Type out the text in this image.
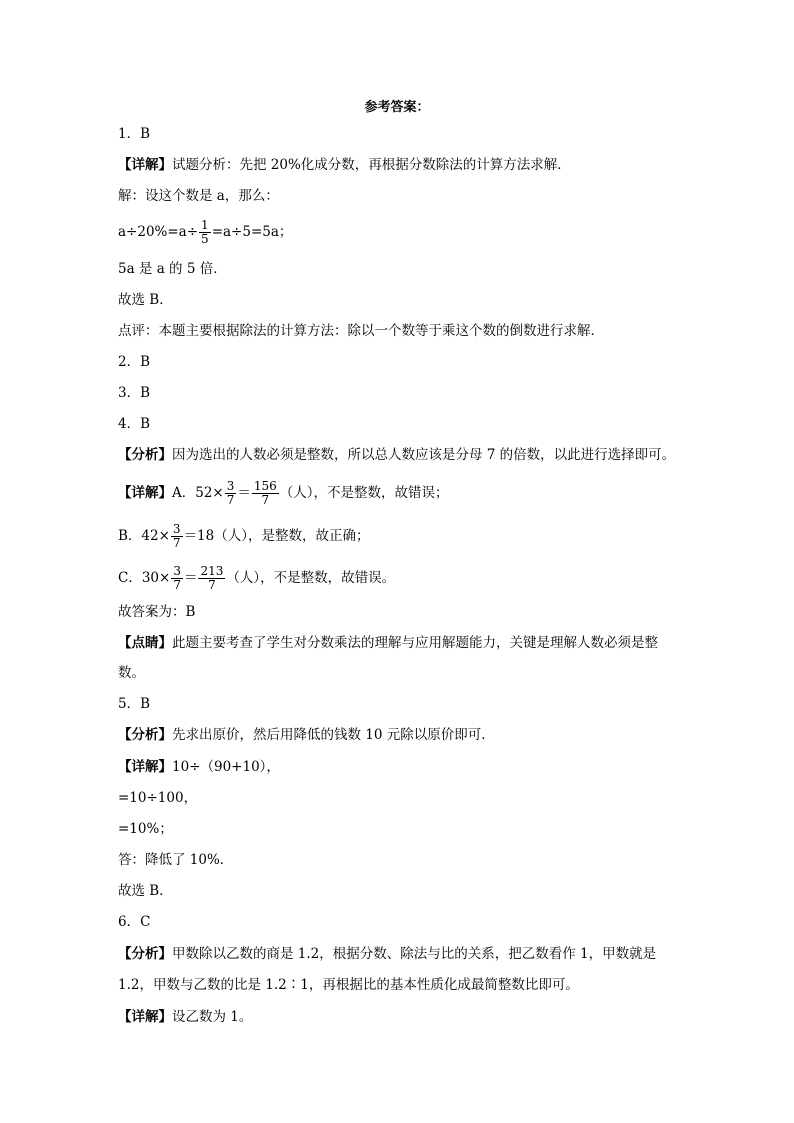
参考答案：
1．B
【详解】试题分析：先把 20%化成分数，再根据分数除法的计算方法求解．
解：设这个数是 a，那么：
$a\div 20\%=a\div \frac{1}{5} =a\div 5=5a$；
5a 是 a 的 5 倍．
故选 B．
点评：本题主要根据除法的计算方法：除以一个数等于乘这个数的倒数进行求解．
2．B
3．B
4．B
【分析】因为选出的人数必须是整数，所以总人数应该是分母 7 的倍数，以此进行选择即可。
【详解】A．$52\times \frac{3}{7} = \frac{156}{7}$ （人），不是整数，故错误；
B．$42\times \frac{3}{7} =18$（人），是整数，故正确；
C．$30\times \frac{3}{7} = \frac{213}{7}$ （人），不是整数，故错误。
故答案为：B
【点睛】此题主要考查了学生对分数乘法的理解与应用解题能力，关键是理解人数必须是整
数。
5．B
【分析】先求出原价，然后用降低的钱数 10 元除以原价即可．
【详解】10÷（90+10），
=10÷100，
=10%；
答：降低了 10%．
故选 B．
6．C
【分析】甲数除以乙数的商是 1.2，根据分数、除法与比的关系，把乙数看作 1，甲数就是
1.2，甲数与乙数的比是 1.2∶1，再根据比的基本性质化成最简整数比即可。
【详解】设乙数为 1。
